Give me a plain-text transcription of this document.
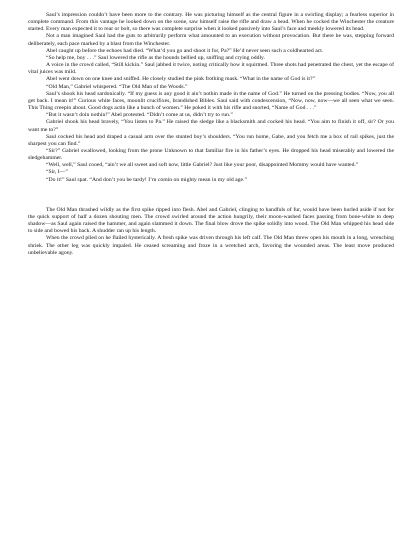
Saul’s impression couldn’t have been more to the contrary. He was picturing himself as the central figure in a swirling display; a fearless superior in complete command. From this vantage he looked down on the scene, saw himself raise the rifle and draw a bead. When he cocked the Winchester the creature started. Every man expected it to rear or bolt, so there was complete surprise when it looked passively into Saul’s face and meekly lowered its head.

Not a man imagined Saul had the guts to arbitrarily perform what amounted to an execution without provocation. But there he was, stepping forward deliberately, each pace marked by a blast from the Winchester.

Abel caught up before the echoes had died. “What’d you go and shoot it for, Pa?” He’d never seen such a coldhearted act.

“So help me, boy . . .” Saul lowered the rifle as the hounds bellied up, sniffing and crying oddly.

A voice in the crowd called, “Still kickin.” Saul jabbed it twice, noting critically how it squirmed. Three shots had penetrated the chest, yet the escape of vital juices was mild.

Abel went down on one knee and sniffed. He closely studied the pink frothing mask. “What in the name of God is it?”

“Old Man,” Gabriel whispered. “The Old Man of the Woods.”

Saul’s shook his head sardonically. “If my guess is any good it ain’t nothin made in the name of God.” He turned on the pressing bodies. “Now, you all get back. I mean it!” Curious white faces, moonlit crucifixes, brandished Bibles. Saul said with condescension, “Now, now, now—we all seen what we seen. This Thing creepin about. Good dogs actin like a bunch of women.” He poked it with his rifle and snorted, “Name of God . . .”

“But it wasn’t doin nothin!” Abel protested. “Didn’t come at us, didn’t try to run.”

Gabriel shook his head bravely, “You listen to Pa.” He raised the sledge like a blacksmith and cocked his head. “You aim to finish it off, sir? Or you want me to?”

Saul cocked his head and draped a casual arm over the stunted boy’s shoulders. “You run home, Gabe, and you fetch me a box of rail spikes, just the sharpest you can find.”

“Sir?” Gabriel swallowed, looking from the prone Unknown to that familiar fire in his father’s eyes. He dropped his head miserably and lowered the sledgehammer.

“Well, well,” Saul cooed, “ain’t we all sweet and soft now, little Gabriel? Just like your poor, disappointed Mommy would have wanted.”

“Sir, I—”

“Do it!” Saul spat. “And don’t you be tardy! I’m comin on mighty mean in my old age.”

The Old Man thrashed wildly as the first spike ripped into flesh. Abel and Gabriel, clinging to handfuls of fur, would have been hurled aside if not for the quick support of half a dozen shouting men. The crowd swirled around the action hungrily, their moon-washed faces passing from bone-white to deep shadow—as Saul again raised the hammer, and again slammed it down. The final blow drove the spike solidly into wood. The Old Man whipped his head side to side and bowed his back. A shudder ran up his length.

When the crowd piled on he flailed hysterically. A fresh spike was driven through his left calf. The Old Man threw open his mouth in a long, wrenching shriek. The other leg was quickly impaled. He ceased screaming and froze in a wretched arch, favoring the wounded areas. The least move produced unbelievable agony.
